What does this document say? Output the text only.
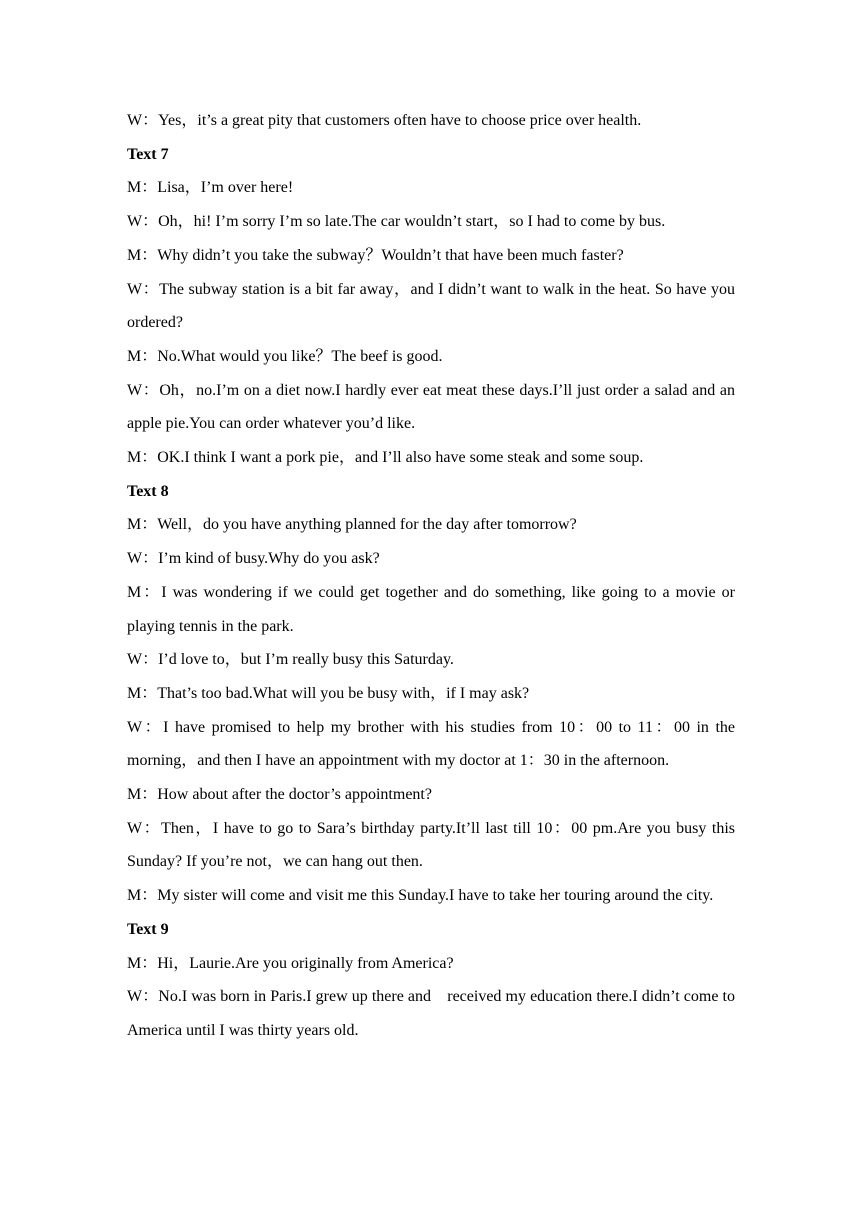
W：Yes，it’s a great pity that customers often have to choose price over health.

Text 7

M：Lisa，I’m over here!

W：Oh，hi! I’m sorry I’m so late.The car wouldn’t start，so I had to come by bus.

M：Why didn’t you take the subway？Wouldn’t that have been much faster?

W：The subway station is a bit far away，and I didn’t want to walk in the heat. So have you ordered?

M：No.What would you like？The beef is good.

W：Oh，no.I’m on a diet now.I hardly ever eat meat these days.I’ll just order a salad and an apple pie.You can order whatever you’d like.

M：OK.I think I want a pork pie，and I’ll also have some steak and some soup.

Text 8

M：Well，do you have anything planned for the day after tomorrow?

W：I’m kind of busy.Why do you ask?

M：I was wondering if we could get together and do something, like going to a movie or playing tennis in the park.

W：I’d love to，but I’m really busy this Saturday.

M：That’s too bad.What will you be busy with，if I may ask?

W：I have promised to help my brother with his studies from 10：00 to 11：00 in the morning，and then I have an appointment with my doctor at 1：30 in the afternoon.

M：How about after the doctor’s appointment?

W：Then，I have to go to Sara’s birthday party.It’ll last till 10：00 pm.Are you busy this Sunday? If you’re not，we can hang out then.

M：My sister will come and visit me this Sunday.I have to take her touring around the city.

Text 9

M：Hi，Laurie.Are you originally from America?

W：No.I was born in Paris.I grew up there and　received my education there.I didn’t come to America until I was thirty years old.
